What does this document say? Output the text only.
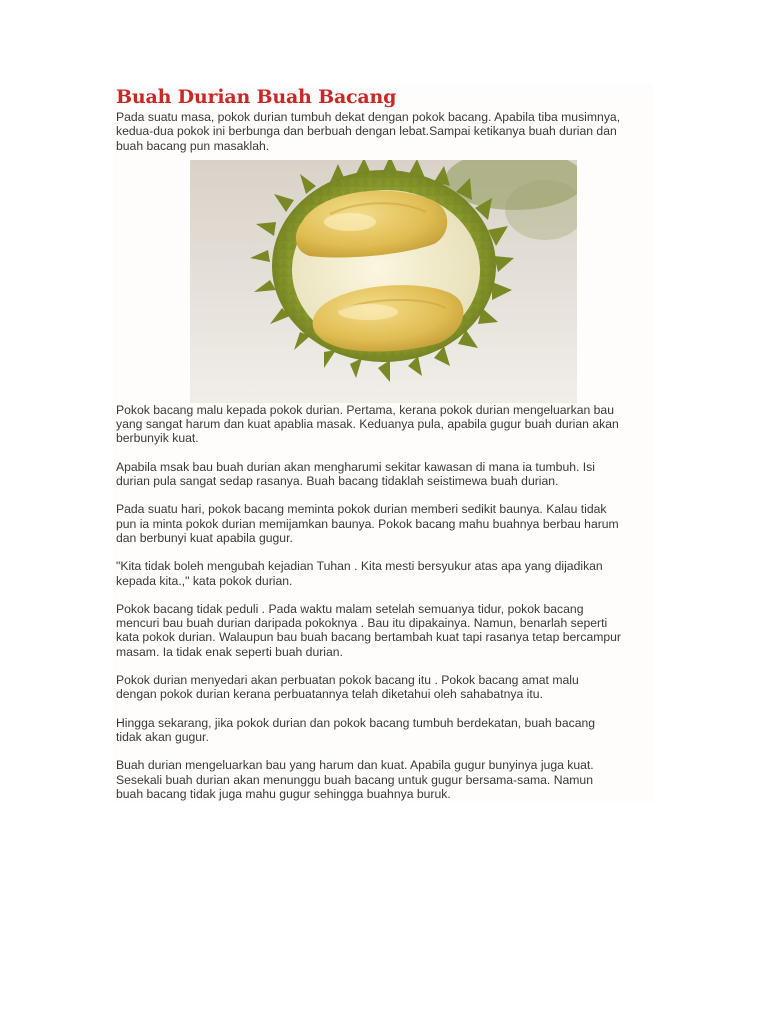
Buah Durian Buah Bacang

Pada suatu masa, pokok durian tumbuh dekat dengan pokok bacang. Apabila tiba musimnya,
kedua-dua pokok ini berbunga dan berbuah dengan lebat.Sampai ketikanya buah durian dan
buah bacang pun masaklah.

Pokok bacang malu kepada pokok durian. Pertama, kerana pokok durian mengeluarkan bau
yang sangat harum dan kuat apablia masak. Keduanya pula, apabila gugur buah durian akan
berbunyik kuat.

Apabila msak bau buah durian akan mengharumi sekitar kawasan di mana ia tumbuh. Isi
durian pula sangat sedap rasanya. Buah bacang tidaklah seistimewa buah durian.

Pada suatu hari, pokok bacang meminta pokok durian memberi sedikit baunya. Kalau tidak
pun ia minta pokok durian memijamkan baunya. Pokok bacang mahu buahnya berbau harum
dan berbunyi kuat apabila gugur.

"Kita tidak boleh mengubah kejadian Tuhan . Kita mesti bersyukur atas apa yang dijadikan
kepada kita.," kata pokok durian.

Pokok bacang tidak peduli . Pada waktu malam setelah semuanya tidur, pokok bacang
mencuri bau buah durian daripada pokoknya . Bau itu dipakainya. Namun, benarlah seperti
kata pokok durian. Walaupun bau buah bacang bertambah kuat tapi rasanya tetap bercampur
masam. Ia tidak enak seperti buah durian.

Pokok durian menyedari akan perbuatan pokok bacang itu . Pokok bacang amat malu
dengan pokok durian kerana perbuatannya telah diketahui oleh sahabatnya itu.

Hingga sekarang, jika pokok durian dan pokok bacang tumbuh berdekatan, buah bacang
tidak akan gugur.

Buah durian mengeluarkan bau yang harum dan kuat. Apabila gugur bunyinya juga kuat.
Sesekali buah durian akan menunggu buah bacang untuk gugur bersama-sama. Namun
buah bacang tidak juga mahu gugur sehingga buahnya buruk.
